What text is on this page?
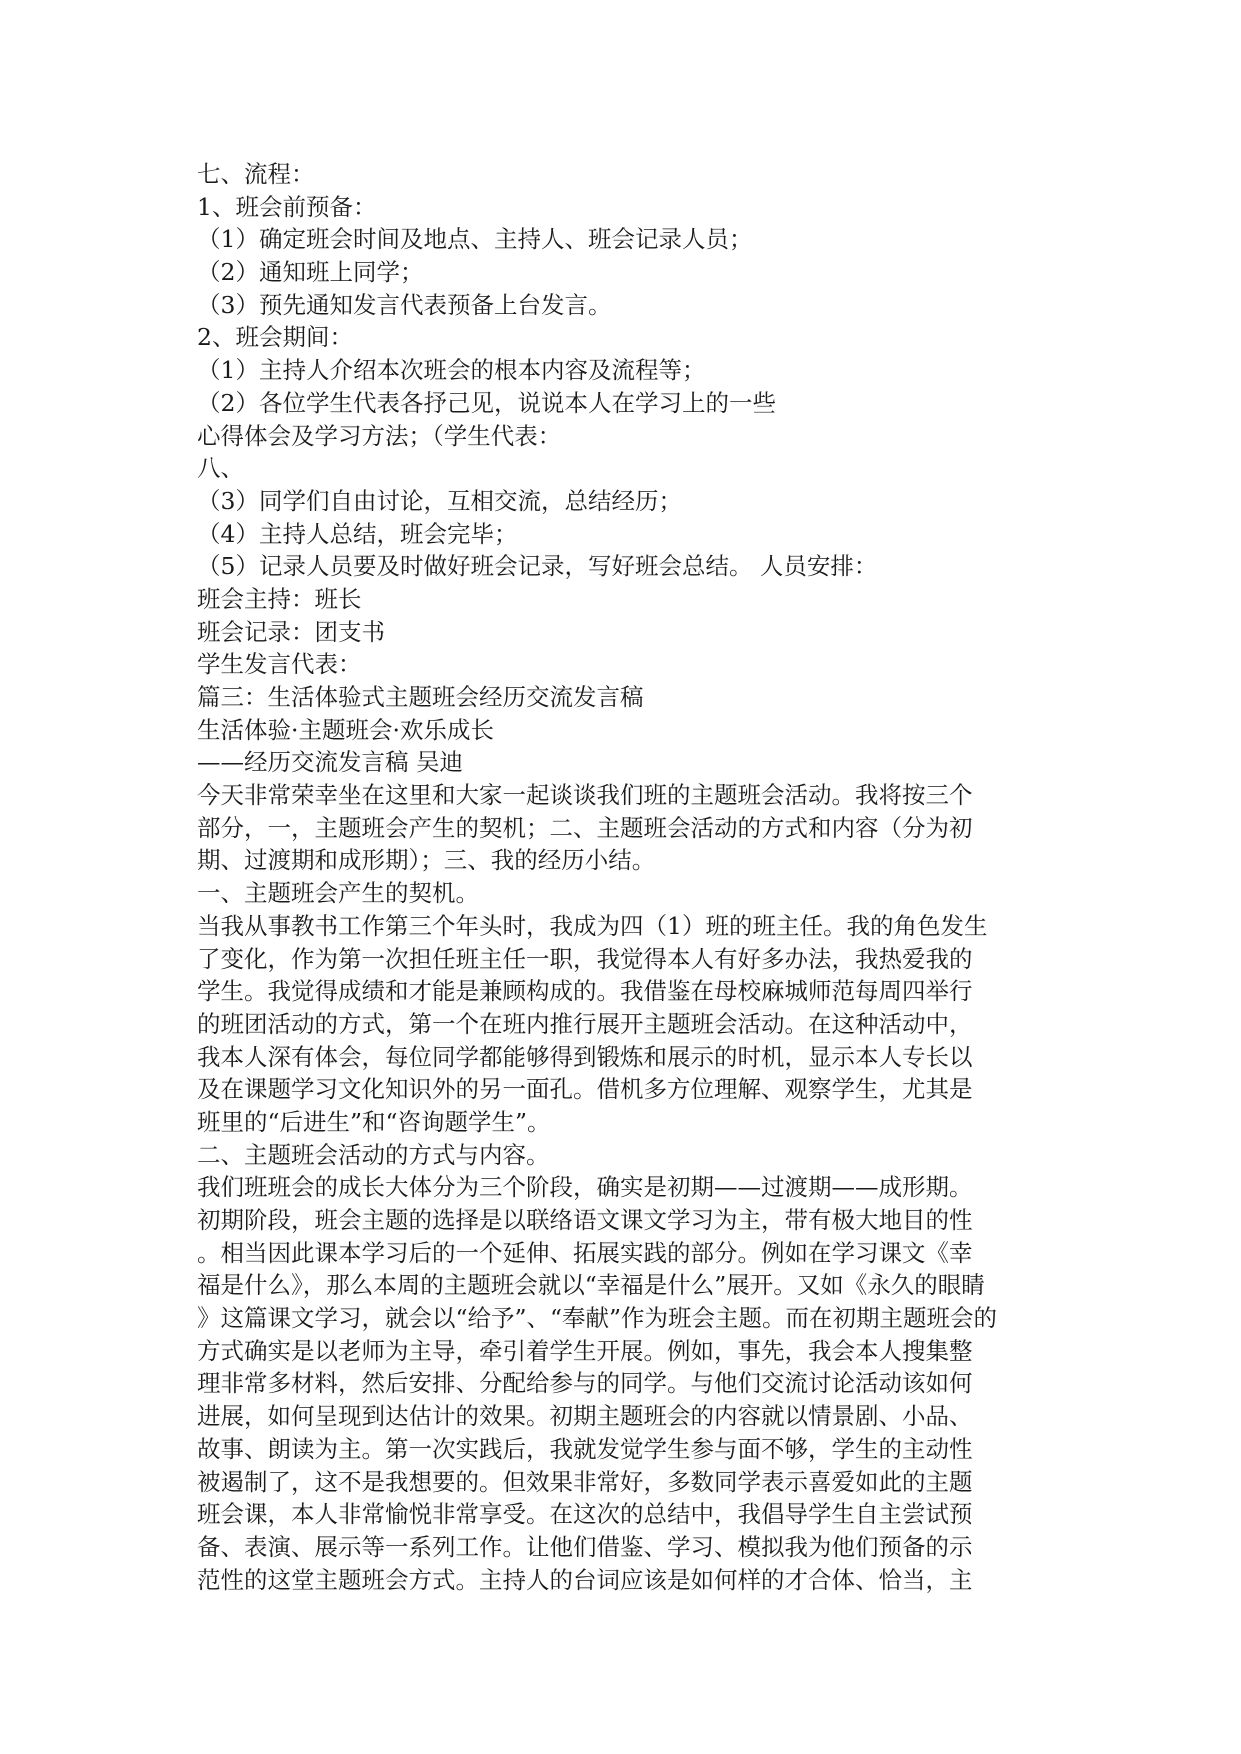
七、流程：
1、班会前预备：
（1）确定班会时间及地点、主持人、班会记录人员；
（2）通知班上同学；
（3）预先通知发言代表预备上台发言。
2、班会期间：
（1）主持人介绍本次班会的根本内容及流程等；
（2）各位学生代表各抒己见，说说本人在学习上的一些
心得体会及学习方法；（学生代表：
八、
（3）同学们自由讨论，互相交流，总结经历；
（4）主持人总结，班会完毕；
（5）记录人员要及时做好班会记录，写好班会总结。 人员安排：
班会主持：班长
班会记录：团支书
学生发言代表：
篇三：生活体验式主题班会经历交流发言稿
生活体验·主题班会·欢乐成长
——经历交流发言稿 吴迪
今天非常荣幸坐在这里和大家一起谈谈我们班的主题班会活动。我将按三个
部分，一，主题班会产生的契机；二、主题班会活动的方式和内容（分为初
期、过渡期和成形期）；三、我的经历小结。
一、主题班会产生的契机。
当我从事教书工作第三个年头时，我成为四（1）班的班主任。我的角色发生
了变化，作为第一次担任班主任一职，我觉得本人有好多办法，我热爱我的
学生。我觉得成绩和才能是兼顾构成的。我借鉴在母校麻城师范每周四举行
的班团活动的方式，第一个在班内推行展开主题班会活动。在这种活动中，
我本人深有体会，每位同学都能够得到锻炼和展示的时机，显示本人专长以
及在课题学习文化知识外的另一面孔。借机多方位理解、观察学生，尤其是
班里的“后进生”和“咨询题学生”。
二、主题班会活动的方式与内容。
我们班班会的成长大体分为三个阶段，确实是初期——过渡期——成形期。
初期阶段，班会主题的选择是以联络语文课文学习为主，带有极大地目的性
。相当因此课本学习后的一个延伸、拓展实践的部分。例如在学习课文《幸
福是什么》，那么本周的主题班会就以“幸福是什么”展开。又如《永久的眼睛
》这篇课文学习，就会以“给予”、“奉献”作为班会主题。而在初期主题班会的
方式确实是以老师为主导，牵引着学生开展。例如，事先，我会本人搜集整
理非常多材料，然后安排、分配给参与的同学。与他们交流讨论活动该如何
进展，如何呈现到达估计的效果。初期主题班会的内容就以情景剧、小品、
故事、朗读为主。第一次实践后，我就发觉学生参与面不够，学生的主动性
被遏制了，这不是我想要的。但效果非常好，多数同学表示喜爱如此的主题
班会课，本人非常愉悦非常享受。在这次的总结中，我倡导学生自主尝试预
备、表演、展示等一系列工作。让他们借鉴、学习、模拟我为他们预备的示
范性的这堂主题班会方式。主持人的台词应该是如何样的才合体、恰当，主
